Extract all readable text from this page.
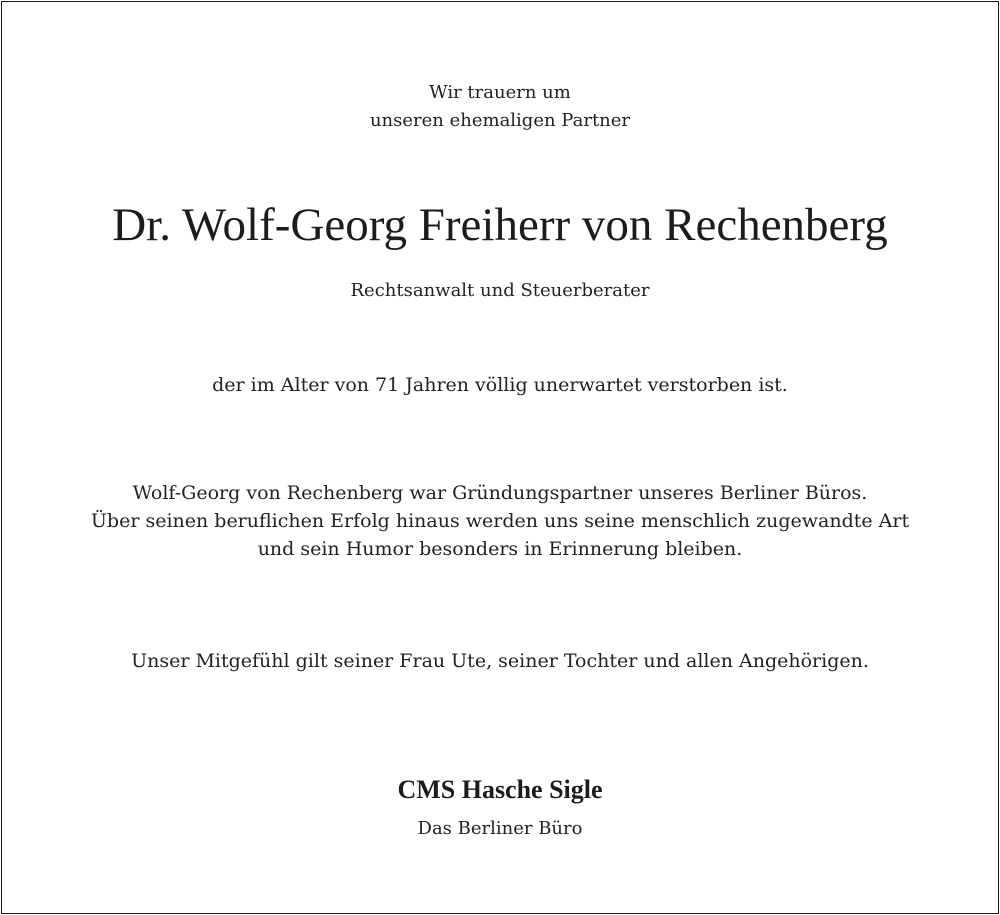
Wir trauern um
unseren ehemaligen Partner
Dr. Wolf-Georg Freiherr von Rechenberg
Rechtsanwalt und Steuerberater
der im Alter von 71 Jahren völlig unerwartet verstorben ist.
Wolf-Georg von Rechenberg war Gründungspartner unseres Berliner Büros.
Über seinen beruflichen Erfolg hinaus werden uns seine menschlich zugewandte Art
und sein Humor besonders in Erinnerung bleiben.
Unser Mitgefühl gilt seiner Frau Ute, seiner Tochter und allen Angehörigen.
CMS Hasche Sigle
Das Berliner Büro
